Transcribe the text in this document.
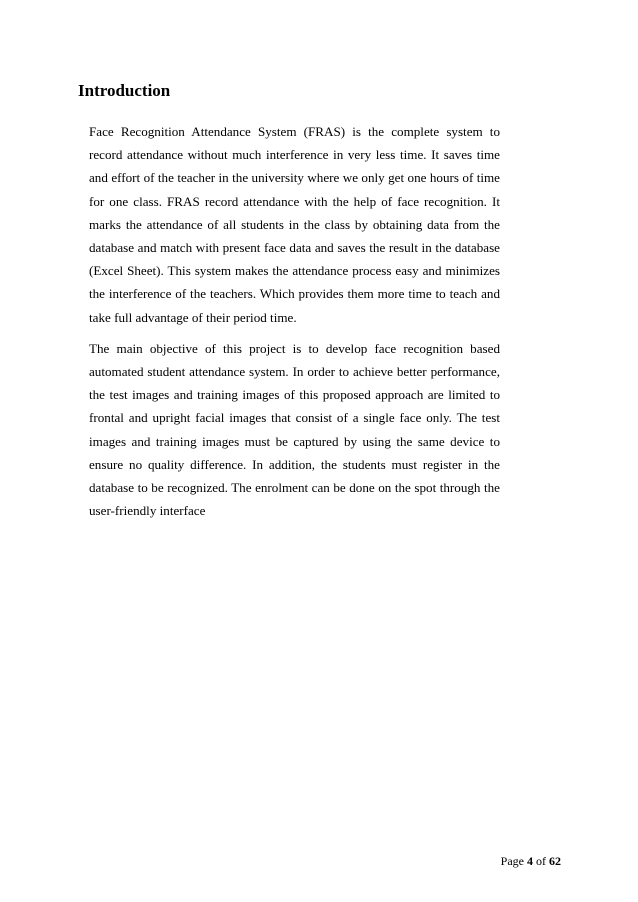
Introduction

Face Recognition Attendance System (FRAS) is the complete system to record attendance without much interference in very less time. It saves time and effort of the teacher in the university where we only get one hours of time for one class. FRAS record attendance with the help of face recognition. It marks the attendance of all students in the class by obtaining data from the database and match with present face data and saves the result in the database (Excel Sheet). This system makes the attendance process easy and minimizes the interference of the teachers. Which provides them more time to teach and take full advantage of their period time.

The main objective of this project is to develop face recognition based automated student attendance system. In order to achieve better performance, the test images and training images of this proposed approach are limited to frontal and upright facial images that consist of a single face only. The test images and training images must be captured by using the same device to ensure no quality difference. In addition, the students must register in the database to be recognized. The enrolment can be done on the spot through the user-friendly interface

Page 4 of 62
